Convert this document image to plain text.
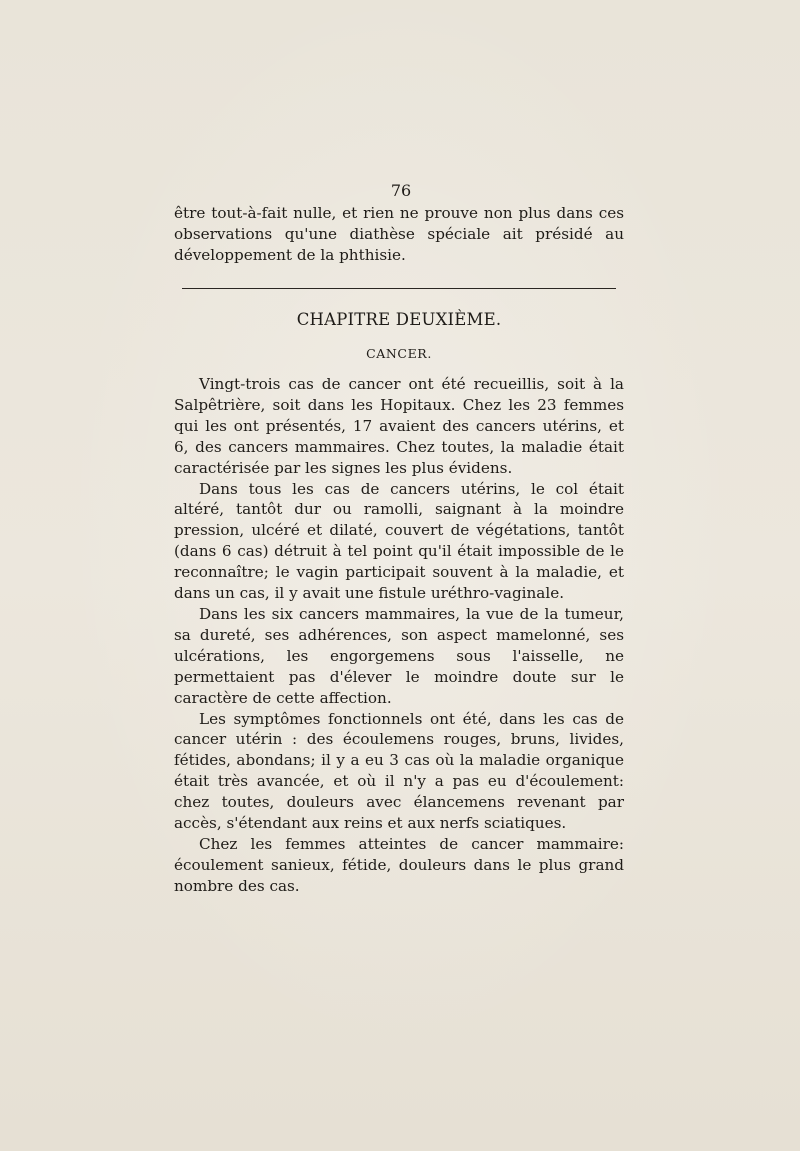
76

être tout-à-fait nulle, et rien ne prouve non plus dans ces observations qu'une diathèse spéciale ait présidé au développement de la phthisie.

CHAPITRE DEUXIÈME.
CANCER.

Vingt-trois cas de cancer ont été recueillis, soit à la Salpêtrière, soit dans les Hopitaux. Chez les 23 femmes qui les ont présentés, 17 avaient des cancers utérins, et 6, des cancers mammaires. Chez toutes, la maladie était caractérisée par les signes les plus évidens.

Dans tous les cas de cancers utérins, le col était altéré, tantôt dur ou ramolli, saignant à la moindre pression, ulcéré et dilaté, couvert de végétations, tantôt (dans 6 cas) détruit à tel point qu'il était impossible de le reconnaître; le vagin participait souvent à la maladie, et dans un cas, il y avait une fistule uréthro-vaginale.

Dans les six cancers mammaires, la vue de la tumeur, sa dureté, ses adhérences, son aspect mamelonné, ses ulcérations, les engorgemens sous l'aisselle, ne permettaient pas d'élever le moindre doute sur le caractère de cette affection.

Les symptômes fonctionnels ont été, dans les cas de cancer utérin : des écoulemens rouges, bruns, livides, fétides, abondans; il y a eu 3 cas où la maladie organique était très avancée, et où il n'y a pas eu d'écoulement: chez toutes, douleurs avec élancemens revenant par accès, s'étendant aux reins et aux nerfs sciatiques.

Chez les femmes atteintes de cancer mammaire: écoulement sanieux, fétide, douleurs dans le plus grand nombre des cas.
